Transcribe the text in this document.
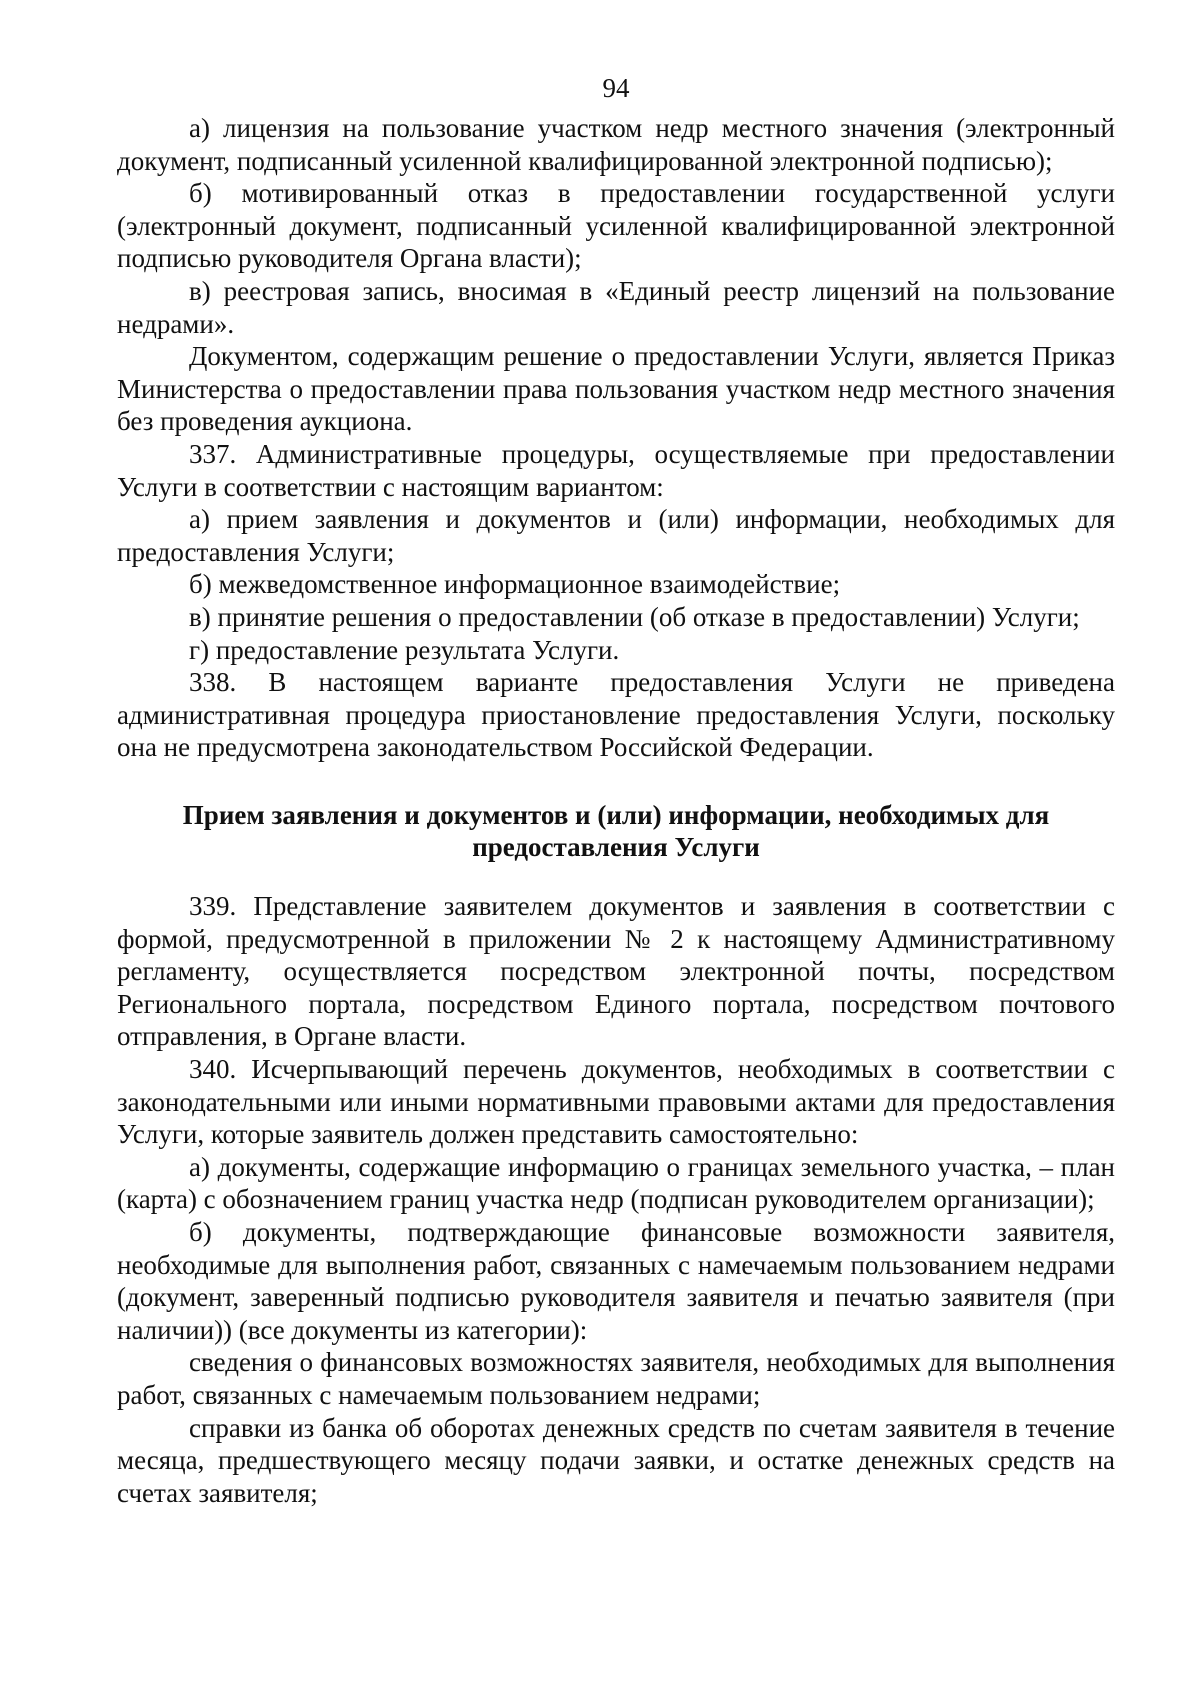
94

а) лицензия на пользование участком недр местного значения (электронный документ, подписанный усиленной квалифицированной электронной подписью);

б) мотивированный отказ в предоставлении государственной услуги (электронный документ, подписанный усиленной квалифицированной электронной подписью руководителя Органа власти);

в) реестровая запись, вносимая в «Единый реестр лицензий на пользование недрами».

Документом, содержащим решение о предоставлении Услуги, является Приказ Министерства о предоставлении права пользования участком недр местного значения без проведения аукциона.

337. Административные процедуры, осуществляемые при предоставлении Услуги в соответствии с настоящим вариантом:

а) прием заявления и документов и (или) информации, необходимых для предоставления Услуги;

б) межведомственное информационное взаимодействие;

в) принятие решения о предоставлении (об отказе в предоставлении) Услуги;

г) предоставление результата Услуги.

338. В настоящем варианте предоставления Услуги не приведена административная процедура приостановление предоставления Услуги, поскольку она не предусмотрена законодательством Российской Федерации.

Прием заявления и документов и (или) информации, необходимых для
предоставления Услуги

339. Представление заявителем документов и заявления в соответствии с формой, предусмотренной в приложении № 2 к настоящему Административному регламенту, осуществляется посредством электронной почты, посредством Регионального портала, посредством Единого портала, посредством почтового отправления, в Органе власти.

340. Исчерпывающий перечень документов, необходимых в соответствии с законодательными или иными нормативными правовыми актами для предоставления Услуги, которые заявитель должен представить самостоятельно:

а) документы, содержащие информацию о границах земельного участка, – план (карта) с обозначением границ участка недр (подписан руководителем организации);

б) документы, подтверждающие финансовые возможности заявителя, необходимые для выполнения работ, связанных с намечаемым пользованием недрами (документ, заверенный подписью руководителя заявителя и печатью заявителя (при наличии)) (все документы из категории):

сведения о финансовых возможностях заявителя, необходимых для выполнения работ, связанных с намечаемым пользованием недрами;

справки из банка об оборотах денежных средств по счетам заявителя в течение месяца, предшествующего месяцу подачи заявки, и остатке денежных средств на счетах заявителя;
